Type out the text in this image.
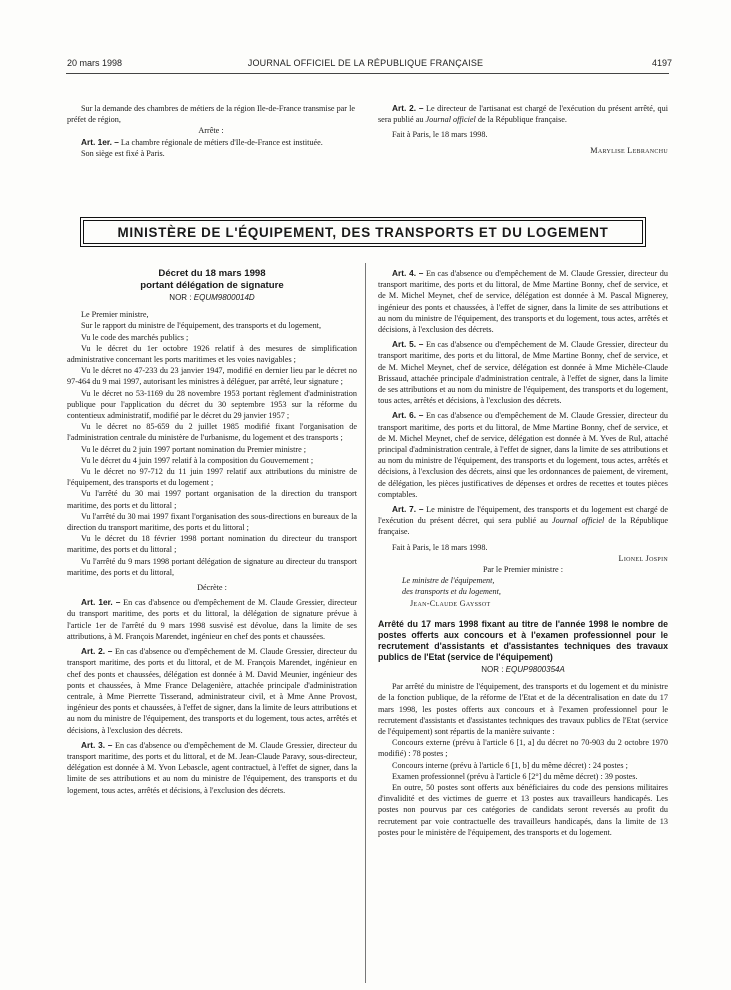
20 mars 1998	JOURNAL OFFICIEL DE LA RÉPUBLIQUE FRANÇAISE	4197

Sur la demande des chambres de métiers de la région Ile-de-France transmise par le préfet de région,

Arrête :

Art. 1er. – La chambre régionale de métiers d'Ile-de-France est instituée.

Son siège est fixé à Paris.

Art. 2. – Le directeur de l'artisanat est chargé de l'exécution du présent arrêté, qui sera publié au Journal officiel de la République française.

Fait à Paris, le 18 mars 1998.

Marylise Lebranchu

MINISTÈRE DE L'ÉQUIPEMENT, DES TRANSPORTS ET DU LOGEMENT
Décret du 18 mars 1998
portant délégation de signature
NOR : EQUM9800014D

Le Premier ministre,

Sur le rapport du ministre de l'équipement, des transports et du logement,

Vu le code des marchés publics ;

Vu le décret du 1er octobre 1926 relatif à des mesures de simplification administrative concernant les ports maritimes et les voies navigables ;

Vu le décret no 47-233 du 23 janvier 1947, modifié en dernier lieu par le décret no 97-464 du 9 mai 1997, autorisant les ministres à déléguer, par arrêté, leur signature ;

Vu le décret no 53-1169 du 28 novembre 1953 portant règlement d'administration publique pour l'application du décret du 30 septembre 1953 sur la réforme du contentieux administratif, modifié par le décret du 29 janvier 1957 ;

Vu le décret no 85-659 du 2 juillet 1985 modifié fixant l'organisation de l'administration centrale du ministère de l'urbanisme, du logement et des transports ;

Vu le décret du 2 juin 1997 portant nomination du Premier ministre ;

Vu le décret du 4 juin 1997 relatif à la composition du Gouvernement ;

Vu le décret no 97-712 du 11 juin 1997 relatif aux attributions du ministre de l'équipement, des transports et du logement ;

Vu l'arrêté du 30 mai 1997 portant organisation de la direction du transport maritime, des ports et du littoral ;

Vu l'arrêté du 30 mai 1997 fixant l'organisation des sous-directions en bureaux de la direction du transport maritime, des ports et du littoral ;

Vu le décret du 18 février 1998 portant nomination du directeur du transport maritime, des ports et du littoral ;

Vu l'arrêté du 9 mars 1998 portant délégation de signature au directeur du transport maritime, des ports et du littoral,

Décrète :

Art. 1er. – En cas d'absence ou d'empêchement de M. Claude Gressier, directeur du transport maritime, des ports et du littoral, la délégation de signature prévue à l'article 1er de l'arrêté du 9 mars 1998 susvisé est dévolue, dans la limite de ses attributions, à M. François Marendet, ingénieur en chef des ponts et chaussées.

Art. 2. – En cas d'absence ou d'empêchement de M. Claude Gressier, directeur du transport maritime, des ports et du littoral, et de M. François Marendet, ingénieur en chef des ponts et chaussées, délégation est donnée à M. David Meunier, ingénieur des ponts et chaussées, à Mme France Delagenière, attachée principale d'administration centrale, à Mme Pierrette Tisserand, administrateur civil, et à Mme Anne Provost, ingénieur des ponts et chaussées, à l'effet de signer, dans la limite de leurs attributions et au nom du ministre de l'équipement, des transports et du logement, tous actes, arrêtés et décisions, à l'exclusion des décrets.

Art. 3. – En cas d'absence ou d'empêchement de M. Claude Gressier, directeur du transport maritime, des ports et du littoral, et de M. Jean-Claude Paravy, sous-directeur, délégation est donnée à M. Yvon Lebascle, agent contractuel, à l'effet de signer, dans la limite de ses attributions et au nom du ministre de l'équipement, des transports et du logement, tous actes, arrêtés et décisions, à l'exclusion des décrets.

Art. 4. – En cas d'absence ou d'empêchement de M. Claude Gressier, directeur du transport maritime, des ports et du littoral, de Mme Martine Bonny, chef de service, et de M. Michel Meynet, chef de service, délégation est donnée à M. Pascal Mignerey, ingénieur des ponts et chaussées, à l'effet de signer, dans la limite de ses attributions et au nom du ministre de l'équipement, des transports et du logement, tous actes, arrêtés et décisions, à l'exclusion des décrets.

Art. 5. – En cas d'absence ou d'empêchement de M. Claude Gressier, directeur du transport maritime, des ports et du littoral, de Mme Martine Bonny, chef de service, et de M. Michel Meynet, chef de service, délégation est donnée à Mme Michèle-Claude Brissaud, attachée principale d'administration centrale, à l'effet de signer, dans la limite de ses attributions et au nom du ministre de l'équipement, des transports et du logement, tous actes, arrêtés et décisions, à l'exclusion des décrets.

Art. 6. – En cas d'absence ou d'empêchement de M. Claude Gressier, directeur du transport maritime, des ports et du littoral, de Mme Martine Bonny, chef de service, et de M. Michel Meynet, chef de service, délégation est donnée à M. Yves de Rul, attaché principal d'administration centrale, à l'effet de signer, dans la limite de ses attributions et au nom du ministre de l'équipement, des transports et du logement, tous actes, arrêtés et décisions, à l'exclusion des décrets, ainsi que les ordonnances de paiement, de virement, de délégation, les pièces justificatives de dépenses et ordres de recettes et toutes pièces comptables.

Art. 7. – Le ministre de l'équipement, des transports et du logement est chargé de l'exécution du présent décret, qui sera publié au Journal officiel de la République française.

Fait à Paris, le 18 mars 1998.

Lionel Jospin

Par le Premier ministre :

Le ministre de l'équipement,

des transports et du logement,

Jean-Claude Gayssot

Arrêté du 17 mars 1998 fixant au titre de l'année 1998 le nombre de postes offerts aux concours et à l'examen professionnel pour le recrutement d'assistants et d'assistantes techniques des travaux publics de l'Etat (service de l'équipement)
NOR : EQUP9800354A

Par arrêté du ministre de l'équipement, des transports et du logement et du ministre de la fonction publique, de la réforme de l'Etat et de la décentralisation en date du 17 mars 1998, les postes offerts aux concours et à l'examen professionnel pour le recrutement d'assistants et d'assistantes techniques des travaux publics de l'Etat (service de l'équipement) sont répartis de la manière suivante :

Concours externe (prévu à l'article 6 [1, a] du décret no 70-903 du 2 octobre 1970 modifié) : 78 postes ;

Concours interne (prévu à l'article 6 [1, b] du même décret) : 24 postes ;

Examen professionnel (prévu à l'article 6 [2°] du même décret) : 39 postes.

En outre, 50 postes sont offerts aux bénéficiaires du code des pensions militaires d'invalidité et des victimes de guerre et 13 postes aux travailleurs handicapés. Les postes non pourvus par ces catégories de candidats seront reversés au profit du recrutement par voie contractuelle des travailleurs handicapés, dans la limite de 13 postes pour le ministère de l'équipement, des transports et du logement.
